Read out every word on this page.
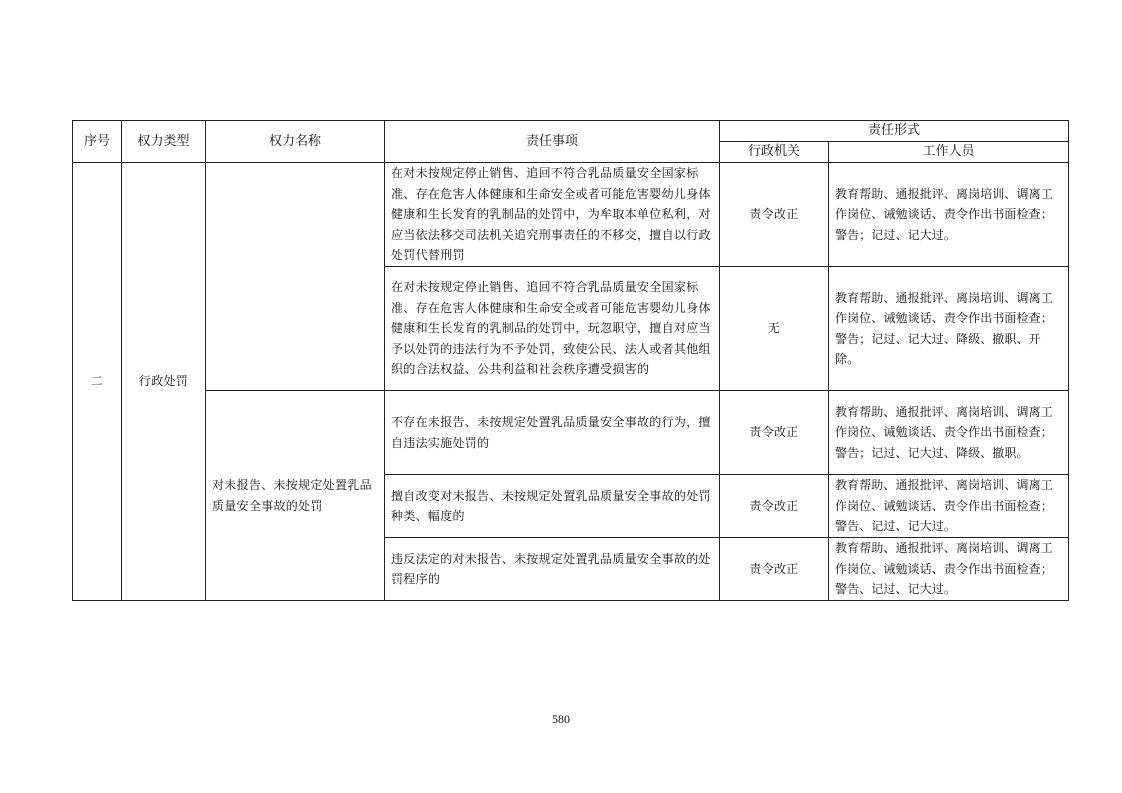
序号	权力类型	权力名称	责任事项	责任形式	
				行政机关	工作人员
二	行政处罚		在对未按规定停止销售、追回不符合乳品质量安全国家标准、存在危害人体健康和生命安全或者可能危害婴幼儿身体健康和生长发育的乳制品的处罚中，为牟取本单位私利，对应当依法移交司法机关追究刑事责任的不移交，擅自以行政处罚代替刑罚	责令改正	教育帮助、通报批评、离岗培训、调离工作岗位、诫勉谈话、责令作出书面检查；警告；记过、记大过。
			在对未按规定停止销售、追回不符合乳品质量安全国家标准、存在危害人体健康和生命安全或者可能危害婴幼儿身体健康和生长发育的乳制品的处罚中，玩忽职守，擅自对应当予以处罚的违法行为不予处罚，致使公民、法人或者其他组织的合法权益、公共利益和社会秩序遭受损害的	无	教育帮助、通报批评、离岗培训、调离工作岗位、诫勉谈话、责令作出书面检查；警告；记过、记大过、降级、撤职、开除。
		对未报告、未按规定处置乳品质量安全事故的处罚	不存在未报告、未按规定处置乳品质量安全事故的行为，擅自违法实施处罚的	责令改正	教育帮助、通报批评、离岗培训、调离工作岗位、诫勉谈话、责令作出书面检查；警告；记过、记大过、降级、撤职。
			擅自改变对未报告、未按规定处置乳品质量安全事故的处罚种类、幅度的	责令改正	教育帮助、通报批评、离岗培训、调离工作岗位、诫勉谈话、责令作出书面检查；警告、记过、记大过。
			违反法定的对未报告、未按规定处置乳品质量安全事故的处罚程序的	责令改正	教育帮助、通报批评、离岗培训、调离工作岗位、诫勉谈话、责令作出书面检查；警告、记过、记大过。
580
